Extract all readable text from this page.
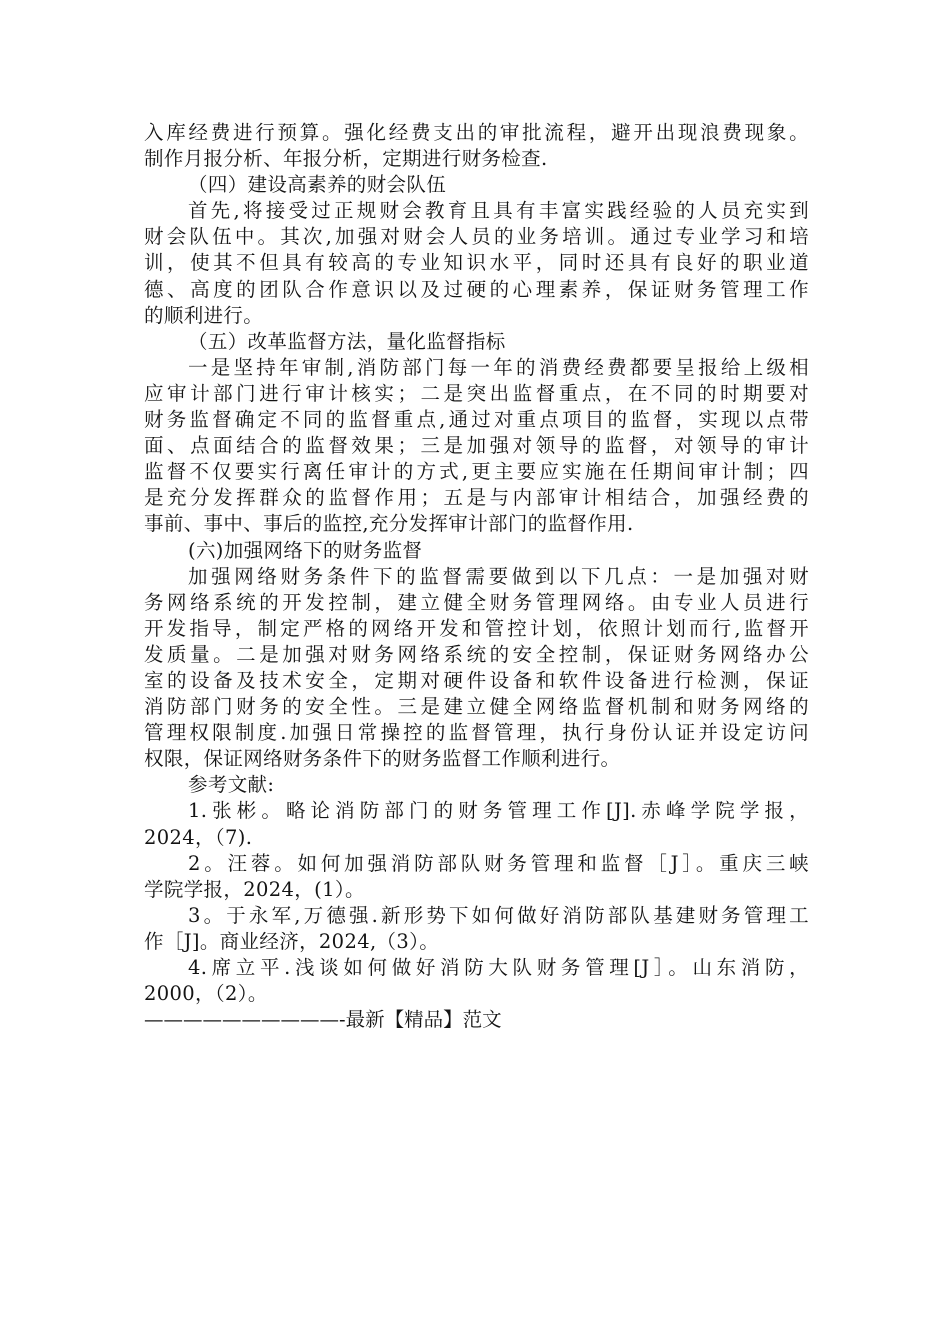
入库经费进行预算。强化经费支出的审批流程，避开出现浪费现象。
制作月报分析、年报分析，定期进行财务检查.
（四）建设高素养的财会队伍
首先,将接受过正规财会教育且具有丰富实践经验的人员充实到
财会队伍中。其次,加强对财会人员的业务培训。通过专业学习和培
训，使其不但具有较高的专业知识水平，同时还具有良好的职业道
德、高度的团队合作意识以及过硬的心理素养，保证财务管理工作
的顺利进行。
（五）改革监督方法，量化监督指标
一是坚持年审制,消防部门每一年的消费经费都要呈报给上级相
应审计部门进行审计核实；二是突出监督重点，在不同的时期要对
财务监督确定不同的监督重点,通过对重点项目的监督，实现以点带
面、点面结合的监督效果；三是加强对领导的监督，对领导的审计
监督不仅要实行离任审计的方式,更主要应实施在任期间审计制；四
是充分发挥群众的监督作用；五是与内部审计相结合，加强经费的
事前、事中、事后的监控,充分发挥审计部门的监督作用.
(六)加强网络下的财务监督
加强网络财务条件下的监督需要做到以下几点：一是加强对财
务网络系统的开发控制，建立健全财务管理网络。由专业人员进行
开发指导，制定严格的网络开发和管控计划，依照计划而行,监督开
发质量。二是加强对财务网络系统的安全控制，保证财务网络办公
室的设备及技术安全，定期对硬件设备和软件设备进行检测，保证
消防部门财务的安全性。三是建立健全网络监督机制和财务网络的
管理权限制度.加强日常操控的监督管理，执行身份认证并设定访问
权限，保证网络财务条件下的财务监督工作顺利进行。
参考文献:
1.张彬。略论消防部门的财务管理工作[J].赤峰学院学报，
2024，（7).
2。汪蓉。如何加强消防部队财务管理和监督［J］。重庆三峡
学院学报，2024，(1）。
3。于永军,万德强.新形势下如何做好消防部队基建财务管理工
作［J]。商业经济，2024,（3）。
4.席立平.浅谈如何做好消防大队财务管理[J］。山东消防，
2000，（2）。
——————————-最新【精品】范文
